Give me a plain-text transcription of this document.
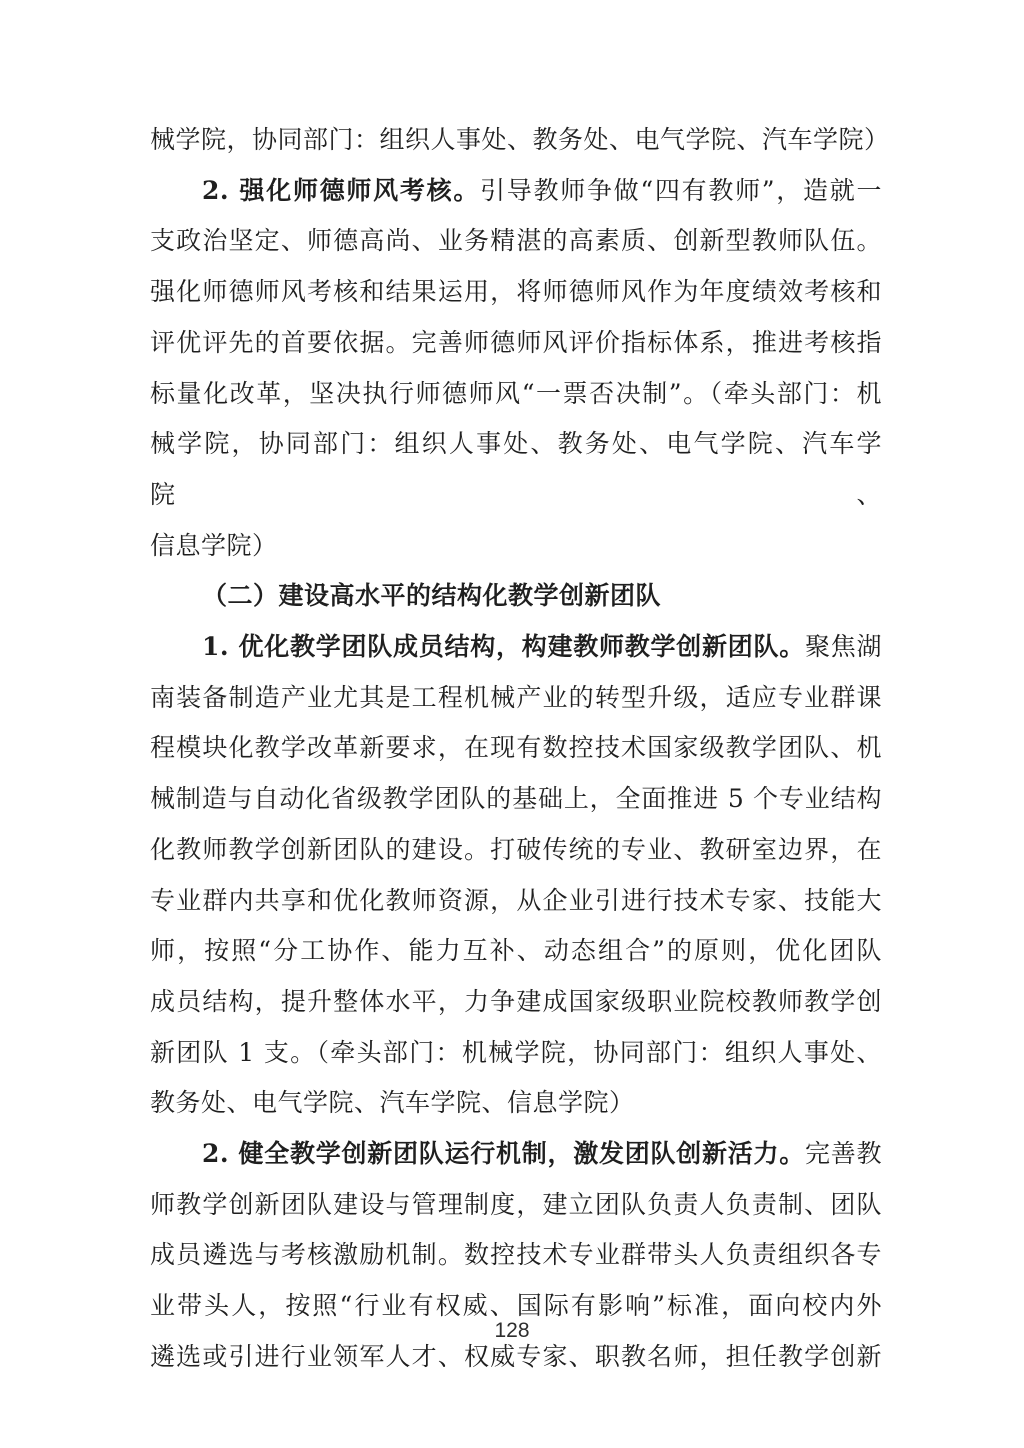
械学院，协同部门：组织人事处、教务处、电气学院、汽车学院）
2. 强化师德师风考核。引导教师争做“四有教师”，造就一
支政治坚定、师德高尚、业务精湛的高素质、创新型教师队伍。
强化师德师风考核和结果运用，将师德师风作为年度绩效考核和
评优评先的首要依据。完善师德师风评价指标体系，推进考核指
标量化改革，坚决执行师德师风“一票否决制”。（牵头部门：机
械学院，协同部门：组织人事处、教务处、电气学院、汽车学院、
信息学院）
（二）建设高水平的结构化教学创新团队
1. 优化教学团队成员结构，构建教师教学创新团队。聚焦湖
南装备制造产业尤其是工程机械产业的转型升级，适应专业群课
程模块化教学改革新要求，在现有数控技术国家级教学团队、机
械制造与自动化省级教学团队的基础上，全面推进 5 个专业结构
化教师教学创新团队的建设。打破传统的专业、教研室边界，在
专业群内共享和优化教师资源，从企业引进行技术专家、技能大
师，按照“分工协作、能力互补、动态组合”的原则，优化团队
成员结构，提升整体水平，力争建成国家级职业院校教师教学创
新团队 1 支。（牵头部门：机械学院，协同部门：组织人事处、
教务处、电气学院、汽车学院、信息学院）
2. 健全教学创新团队运行机制，激发团队创新活力。完善教
师教学创新团队建设与管理制度，建立团队负责人负责制、团队
成员遴选与考核激励机制。数控技术专业群带头人负责组织各专
业带头人，按照“行业有权威、国际有影响”标准，面向校内外
遴选或引进行业领军人才、权威专家、职教名师，担任教学创新
128
